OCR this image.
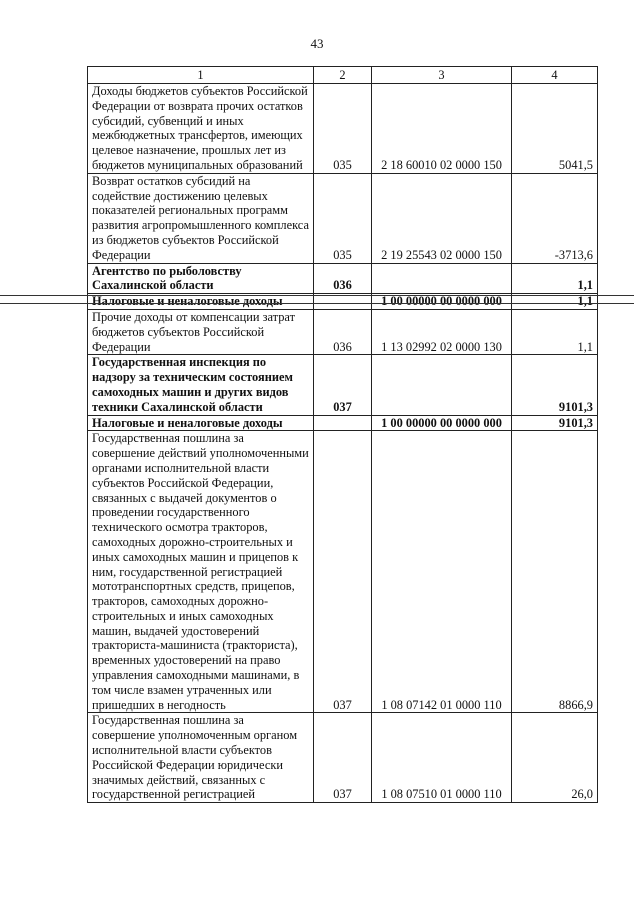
43
1	2	3	4
Доходы бюджетов субъектов Российской Федерации от возврата прочих остатков субсидий, субвенций и иных межбюджетных трансфертов, имеющих целевое назначение, прошлых лет из бюджетов муниципальных образований	035	2 18 60010 02 0000 150	5041,5
Возврат остатков субсидий на содействие достижению целевых показателей региональных программ развития агропромышленного комплекса из бюджетов субъектов Российской Федерации	035	2 19 25543 02 0000 150	-3713,6
Агентство по рыболовству Сахалинской области	036		1,1
Налоговые и неналоговые доходы		1 00 00000 00 0000 000	1,1
Прочие доходы от компенсации затрат бюджетов субъектов Российской Федерации	036	1 13 02992 02 0000 130	1,1
Государственная инспекция по надзору за техническим состоянием самоходных машин и других видов техники Сахалинской области	037		9101,3
Налоговые и неналоговые доходы		1 00 00000 00 0000 000	9101,3
Государственная пошлина за совершение действий уполномоченными органами исполнительной власти субъектов Российской Федерации, связанных с выдачей документов о проведении государственного технического осмотра тракторов, самоходных дорожно-строительных и иных самоходных машин и прицепов к ним, государственной регистрацией мототранспортных средств, прицепов, тракторов, самоходных дорожно-строительных и иных самоходных машин, выдачей удостоверений тракториста-машиниста (тракториста), временных удостоверений на право управления самоходными машинами, в том числе взамен утраченных или пришедших в негодность	037	1 08 07142 01 0000 110	8866,9
Государственная пошлина за совершение уполномоченным органом исполнительной власти субъектов Российской Федерации юридически значимых действий, связанных с государственной регистрацией	037	1 08 07510 01 0000 110	26,0
